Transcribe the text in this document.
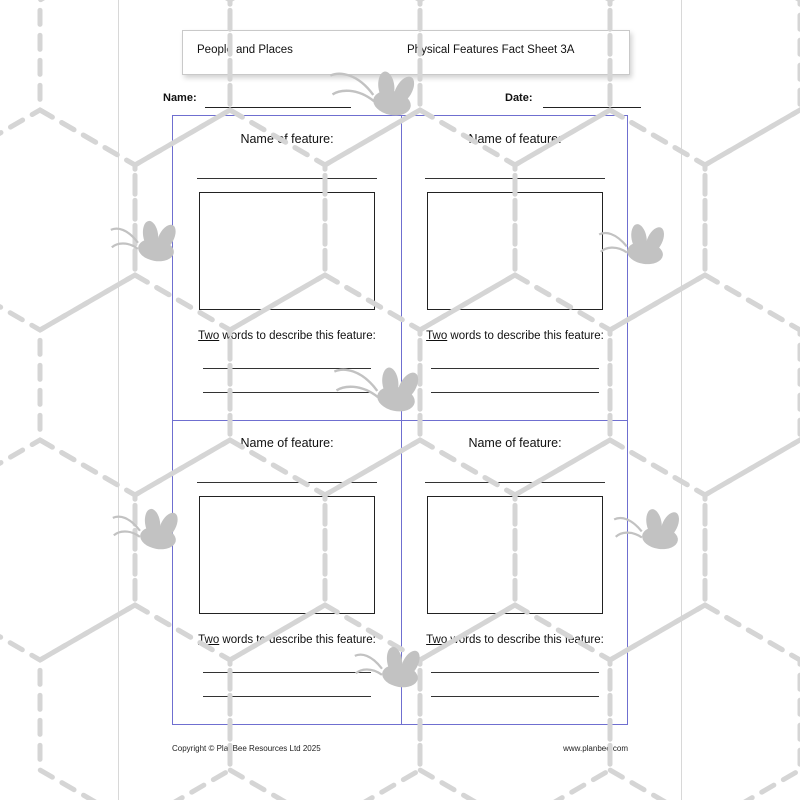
People and Places	Physical Features Fact Sheet 3A
Name:	Date:
Name of feature:
Two words to describe this feature:
Name of feature:
Two words to describe this feature:
Name of feature:
Two words to describe this feature:
Name of feature:
Two words to describe this feature:
Copyright © PlanBee Resources Ltd 2025	www.planbee.com
